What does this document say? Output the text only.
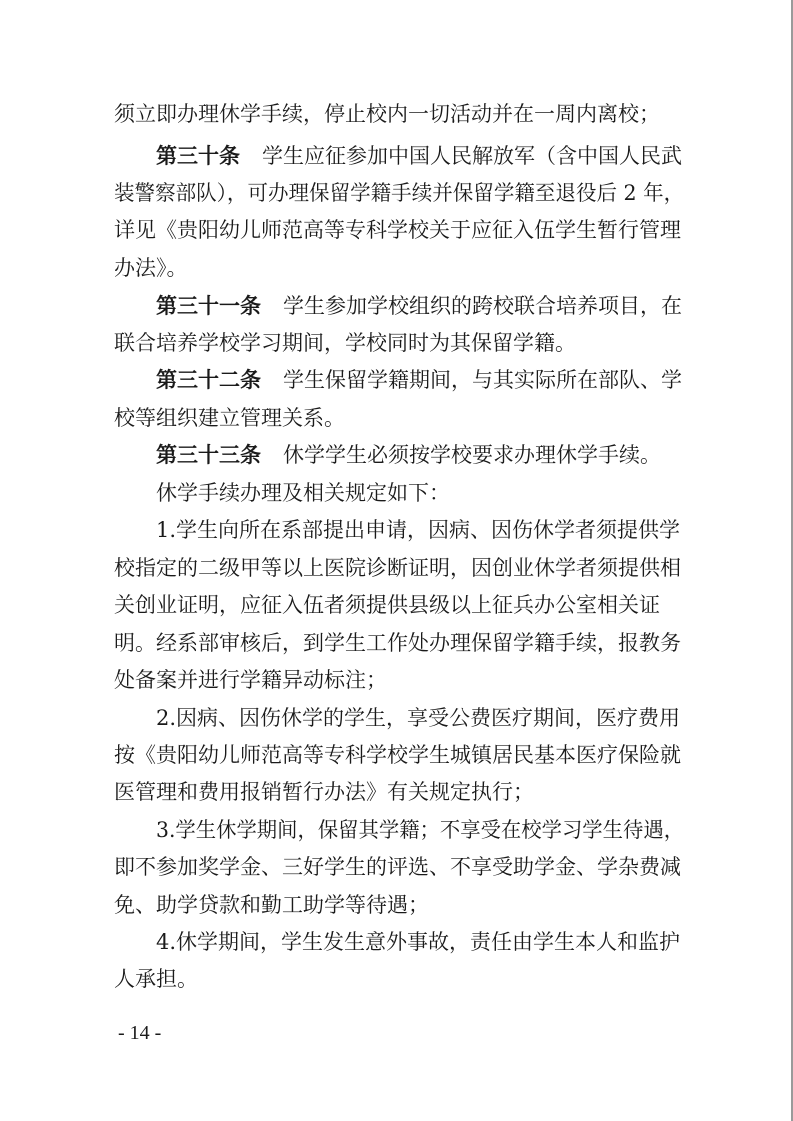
须立即办理休学手续，停止校内一切活动并在一周内离校；
第三十条 学生应征参加中国人民解放军（含中国人民武
装警察部队），可办理保留学籍手续并保留学籍至退役后 2 年，
详见《贵阳幼儿师范高等专科学校关于应征入伍学生暂行管理
办法》。
第三十一条 学生参加学校组织的跨校联合培养项目，在
联合培养学校学习期间，学校同时为其保留学籍。
第三十二条 学生保留学籍期间，与其实际所在部队、学
校等组织建立管理关系。
第三十三条 休学学生必须按学校要求办理休学手续。
休学手续办理及相关规定如下：
1.学生向所在系部提出申请，因病、因伤休学者须提供学
校指定的二级甲等以上医院诊断证明，因创业休学者须提供相
关创业证明，应征入伍者须提供县级以上征兵办公室相关证
明。经系部审核后，到学生工作处办理保留学籍手续，报教务
处备案并进行学籍异动标注；
2.因病、因伤休学的学生，享受公费医疗期间，医疗费用
按《贵阳幼儿师范高等专科学校学生城镇居民基本医疗保险就
医管理和费用报销暂行办法》有关规定执行；
3.学生休学期间，保留其学籍；不享受在校学习学生待遇，
即不参加奖学金、三好学生的评选、不享受助学金、学杂费减
免、助学贷款和勤工助学等待遇；
4.休学期间，学生发生意外事故，责任由学生本人和监护
人承担。
- 14 -
